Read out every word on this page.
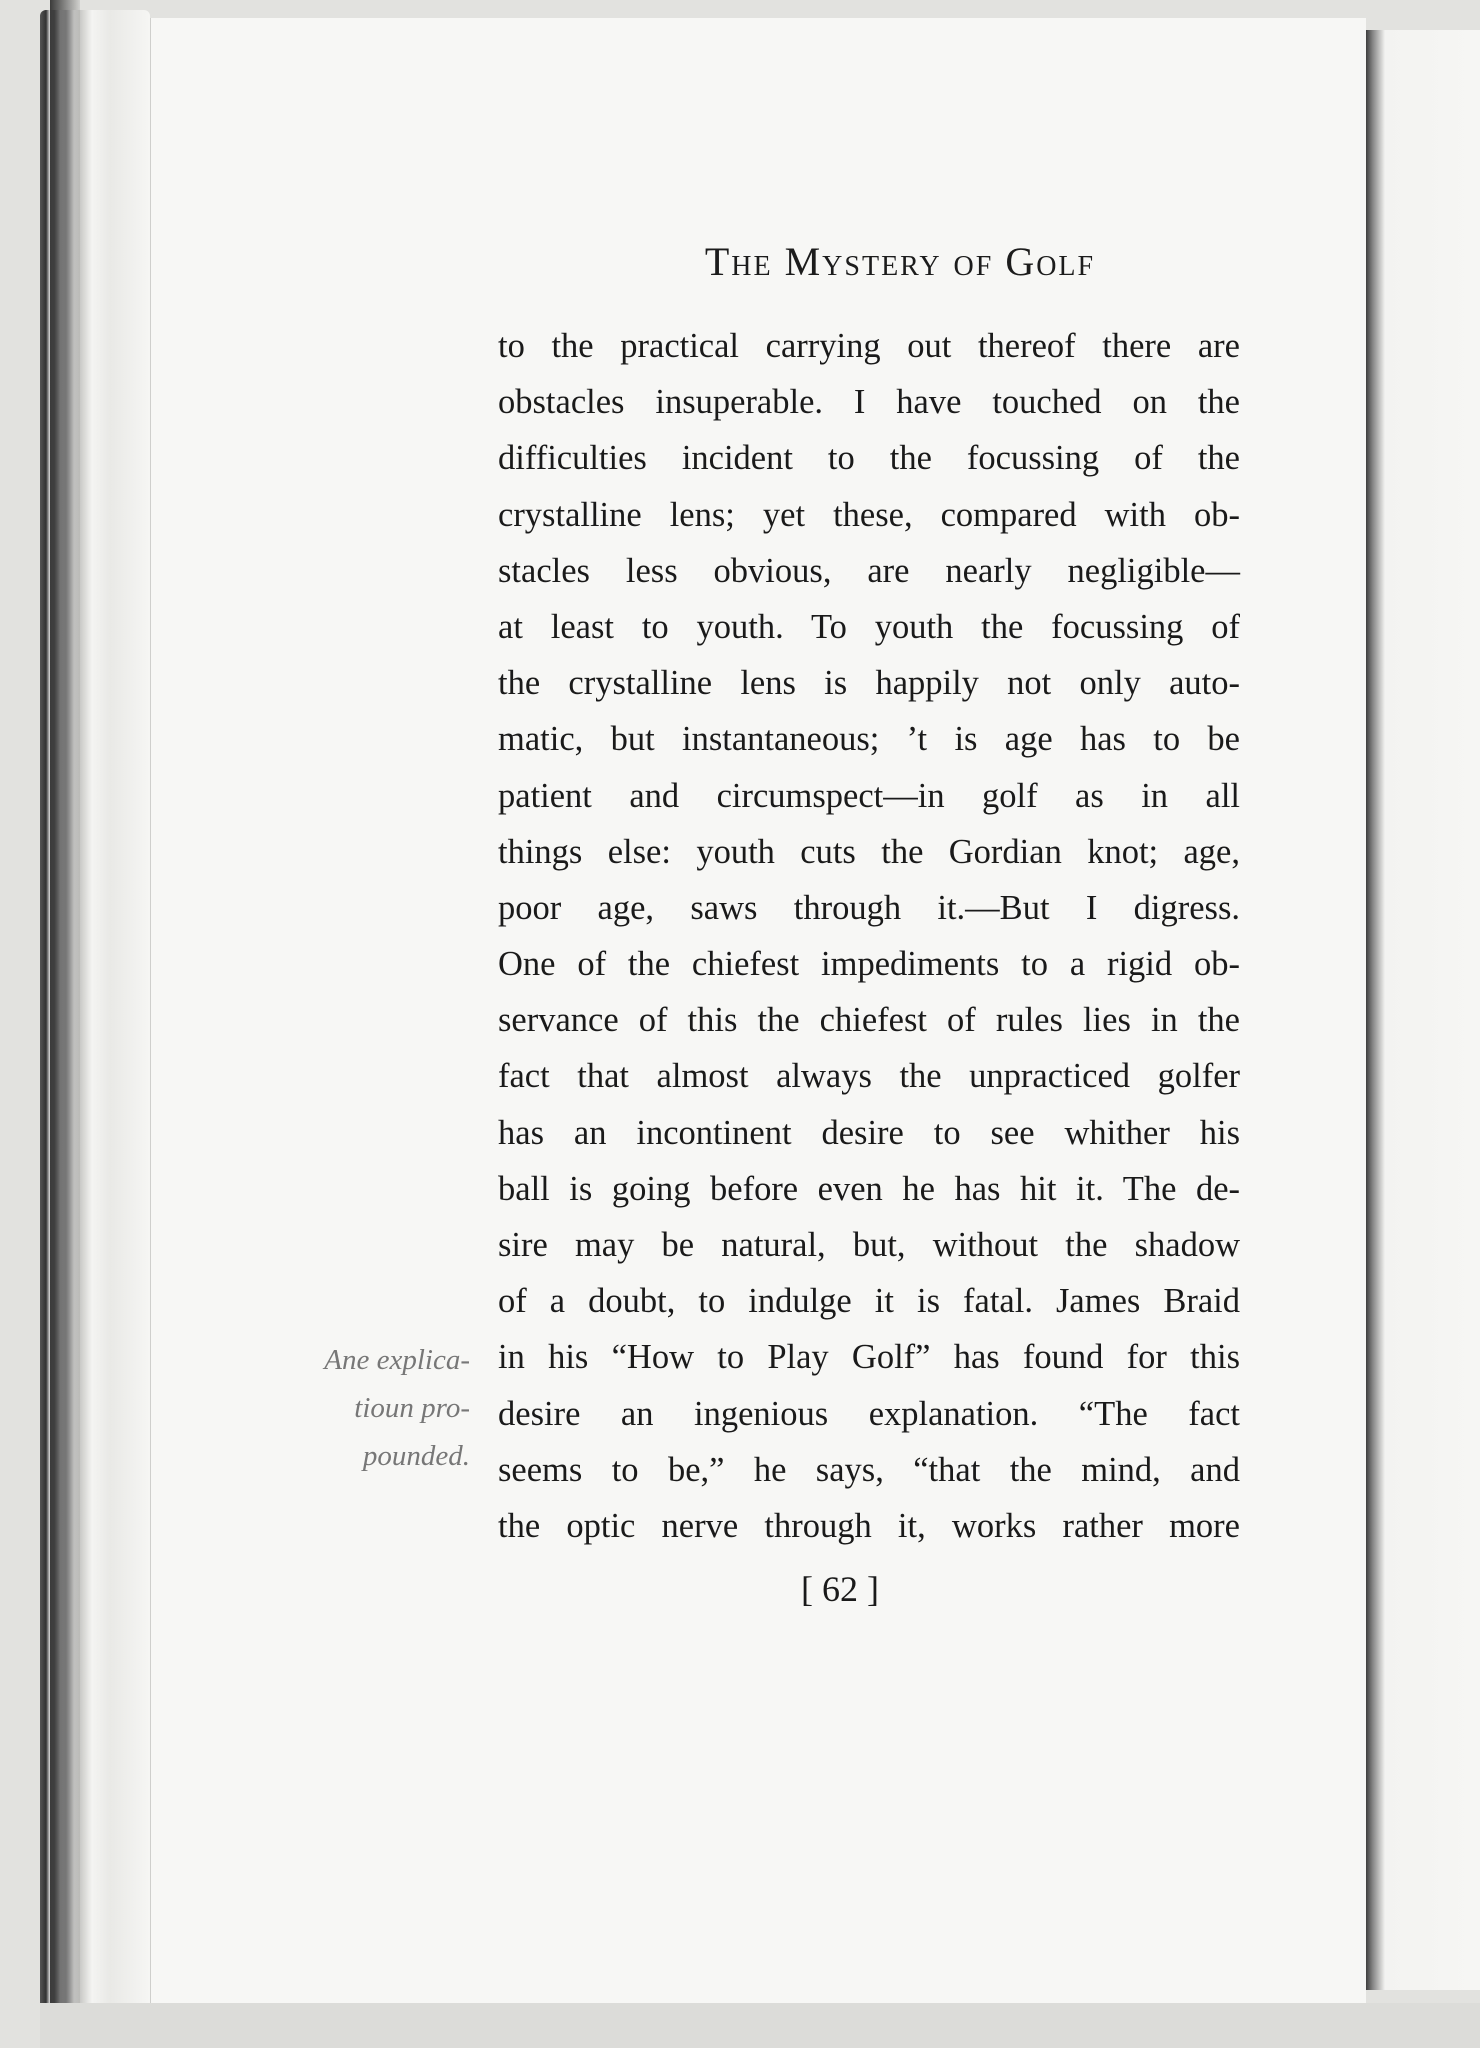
The Mystery of Golf
to the practical carrying out thereof there are
obstacles insuperable. I have touched on the
difficulties incident to the focussing of the
crystalline lens; yet these, compared with ob-
stacles less obvious, are nearly negligible—
at least to youth. To youth the focussing of
the crystalline lens is happily not only auto-
matic, but instantaneous; ’t is age has to be
patient and circumspect—in golf as in all
things else: youth cuts the Gordian knot; age,
poor age, saws through it.—But I digress.
One of the chiefest impediments to a rigid ob-
servance of this the chiefest of rules lies in the
fact that almost always the unpracticed golfer
has an incontinent desire to see whither his
ball is going before even he has hit it. The de-
sire may be natural, but, without the shadow
of a doubt, to indulge it is fatal. James Braid
in his “How to Play Golf” has found for this
desire an ingenious explanation. “The fact
seems to be,” he says, “that the mind, and
the optic nerve through it, works rather more
Ane explica-
tioun pro-
pounded.
[ 62 ]
